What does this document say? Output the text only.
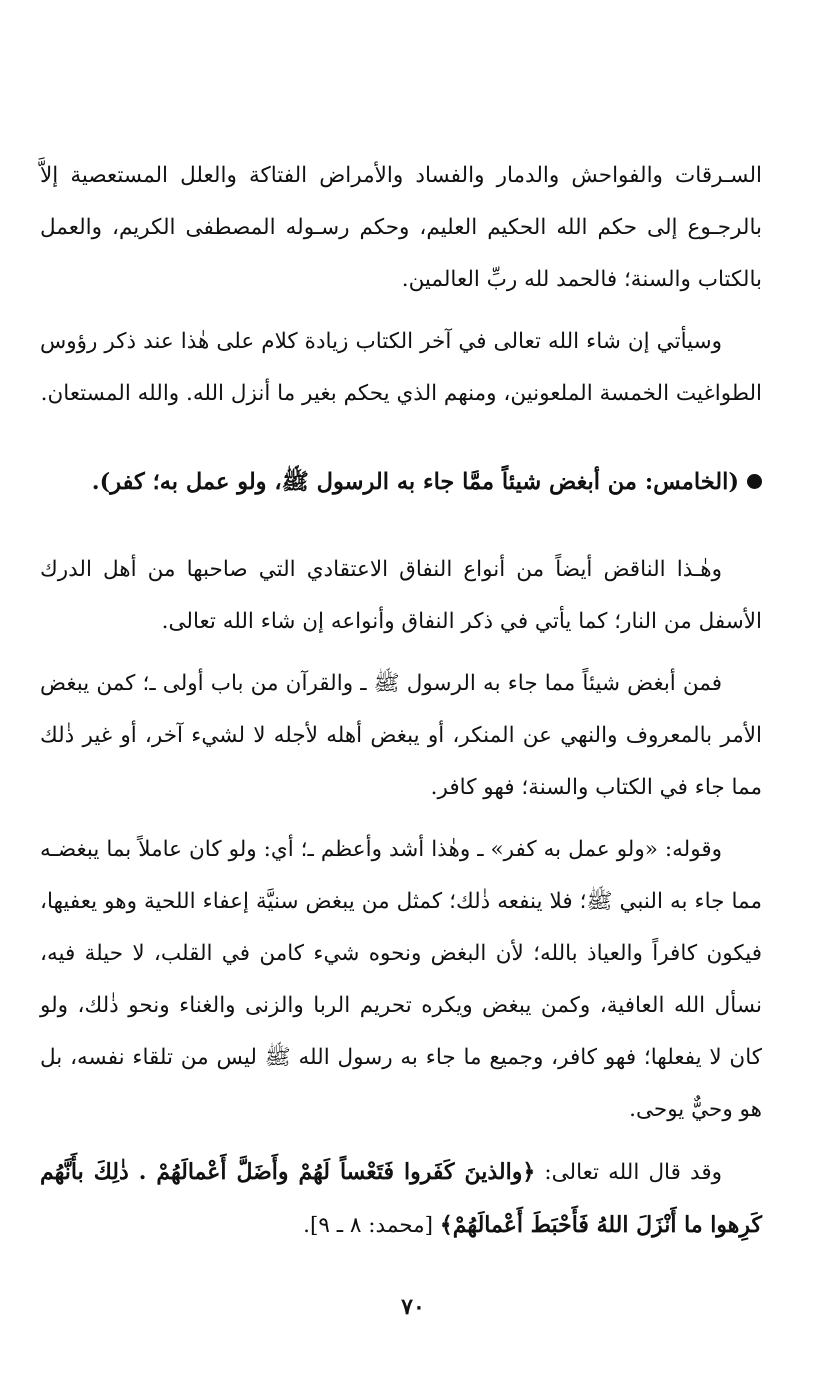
السـرقات والفواحش والدمار والفساد والأمراض الفتاكة والعلل المستعصية إلاَّ بالرجـوع إلى حكم الله الحكيم العليم، وحكم رسـوله المصطفى الكريم، والعمل بالكتاب والسنة؛ فالحمد لله ربِّ العالمين.

وسيأتي إن شاء الله تعالى في آخر الكتاب زيادة كلام على هٰذا عند ذكر رؤوس الطواغيت الخمسة الملعونين، ومنهم الذي يحكم بغير ما أنزل الله. والله المستعان.

(الخامس: من أبغض شيئاً ممَّا جاء به الرسول ﷺ، ولو عمل به؛ كفر).

وهٰـذا الناقض أيضاً من أنواع النفاق الاعتقادي التي صاحبها من أهل الدرك الأسفل من النار؛ كما يأتي في ذكر النفاق وأنواعه إن شاء الله تعالى.

فمن أبغض شيئاً مما جاء به الرسول ﷺ ـ والقرآن من باب أولى ـ؛ كمن يبغض الأمر بالمعروف والنهي عن المنكر، أو يبغض أهله لأجله لا لشيء آخر، أو غير ذٰلك مما جاء في الكتاب والسنة؛ فهو كافر.

وقوله: «ولو عمل به كفر» ـ وهٰذا أشد وأعظم ـ؛ أي: ولو كان عاملاً بما يبغضـه مما جاء به النبي ﷺ؛ فلا ينفعه ذٰلك؛ كمثل من يبغض سنيَّة إعفاء اللحية وهو يعفيها، فيكون كافراً والعياذ بالله؛ لأن البغض ونحوه شيء كامن في القلب، لا حيلة فيه، نسأل الله العافية، وكمن يبغض ويكره تحريم الربا والزنى والغناء ونحو ذٰلك، ولو كان لا يفعلها؛ فهو كافر، وجميع ما جاء به رسول الله ﷺ ليس من تلقاء نفسه، بل هو وحيٌّ يوحى.

وقد قال الله تعالى: ﴿والذينَ كَفَروا فَتَعْساً لَهُمْ وأَضَلَّ أَعْمالَهُمْ . ذٰلِكَ بأَنَّهُم كَرِهوا ما أَنْزَلَ اللهُ فَأَحْبَطَ أَعْمالَهُمْ﴾ [محمد: ٨ ـ ٩].

٧٠
